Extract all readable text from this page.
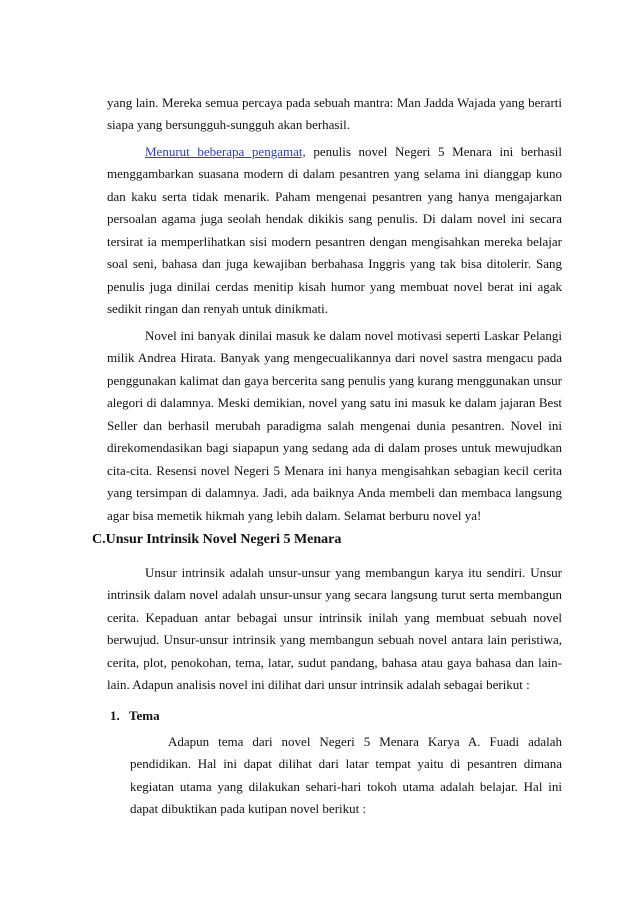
yang lain. Mereka semua percaya pada sebuah mantra: Man Jadda Wajada yang berarti siapa yang bersungguh-sungguh akan berhasil.

Menurut beberapa pengamat, penulis novel Negeri 5 Menara ini berhasil menggambarkan suasana modern di dalam pesantren yang selama ini dianggap kuno dan kaku serta tidak menarik. Paham mengenai pesantren yang hanya mengajarkan persoalan agama juga seolah hendak dikikis sang penulis. Di dalam novel ini secara tersirat ia memperlihatkan sisi modern pesantren dengan mengisahkan mereka belajar soal seni, bahasa dan juga kewajiban berbahasa Inggris yang tak bisa ditolerir. Sang penulis juga dinilai cerdas menitip kisah humor yang membuat novel berat ini agak sedikit ringan dan renyah untuk dinikmati.

Novel ini banyak dinilai masuk ke dalam novel motivasi seperti Laskar Pelangi milik Andrea Hirata. Banyak yang mengecualikannya dari novel sastra mengacu pada penggunakan kalimat dan gaya bercerita sang penulis yang kurang menggunakan unsur alegori di dalamnya. Meski demikian, novel yang satu ini masuk ke dalam jajaran Best Seller dan berhasil merubah paradigma salah mengenai dunia pesantren. Novel ini direkomendasikan bagi siapapun yang sedang ada di dalam proses untuk mewujudkan cita-cita. Resensi novel Negeri 5 Menara ini hanya mengisahkan sebagian kecil cerita yang tersimpan di dalamnya. Jadi, ada baiknya Anda membeli dan membaca langsung agar bisa memetik hikmah yang lebih dalam. Selamat berburu novel ya!

C.Unsur Intrinsik Novel Negeri 5 Menara

Unsur intrinsik adalah unsur-unsur yang membangun karya itu sendiri. Unsur intrinsik dalam novel adalah unsur-unsur yang secara langsung turut serta membangun cerita. Kepaduan antar bebagai unsur intrinsik inilah yang membuat sebuah novel berwujud. Unsur-unsur intrinsik yang membangun sebuah novel antara lain peristiwa, cerita, plot, penokohan, tema, latar, sudut pandang, bahasa atau gaya bahasa dan lain-lain. Adapun analisis novel ini dilihat dari unsur intrinsik adalah sebagai berikut :

1. Tema

Adapun tema dari novel Negeri 5 Menara Karya A. Fuadi adalah pendidikan. Hal ini dapat dilihat dari latar tempat yaitu di pesantren dimana kegiatan utama yang dilakukan sehari-hari tokoh utama adalah belajar. Hal ini dapat dibuktikan pada kutipan novel berikut :
